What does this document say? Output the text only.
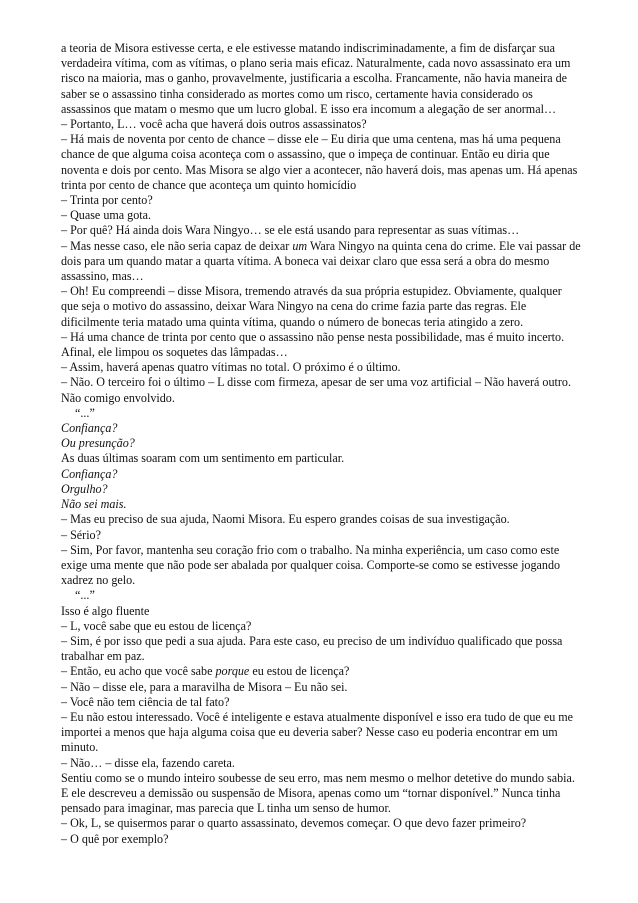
a teoria de Misora estivesse certa, e ele estivesse matando indiscriminadamente, a fim de disfarçar sua verdadeira vítima, com as vítimas, o plano seria mais eficaz. Naturalmente, cada novo assassinato era um risco na maioria, mas o ganho, provavelmente, justificaria a escolha. Francamente, não havia maneira de saber se o assassino tinha considerado as mortes como um risco, certamente havia considerado os assassinos que matam o mesmo que um lucro global. E isso era incomum a alegação de ser anormal…

– Portanto, L… você acha que haverá dois outros assassinatos?

– Há mais de noventa por cento de chance – disse ele – Eu diria que uma centena, mas há uma pequena chance de que alguma coisa aconteça com o assassino, que o impeça de continuar. Então eu diria que noventa e dois por cento. Mas Misora se algo vier a acontecer, não haverá dois, mas apenas um. Há apenas trinta por cento de chance que aconteça um quinto homicídio

– Trinta por cento?

– Quase uma gota.

– Por quê? Há ainda dois Wara Ningyo… se ele está usando para representar as suas vítimas…

– Mas nesse caso, ele não seria capaz de deixar um Wara Ningyo na quinta cena do crime. Ele vai passar de dois para um quando matar a quarta vítima. A boneca vai deixar claro que essa será a obra do mesmo assassino, mas…

– Oh! Eu compreendi – disse Misora, tremendo através da sua própria estupidez. Obviamente, qualquer que seja o motivo do assassino, deixar Wara Ningyo na cena do crime fazia parte das regras. Ele dificilmente teria matado uma quinta vítima, quando o número de bonecas teria atingido a zero.

– Há uma chance de trinta por cento que o assassino não pense nesta possibilidade, mas é muito incerto. Afinal, ele limpou os soquetes das lâmpadas…

– Assim, haverá apenas quatro vítimas no total. O próximo é o último.

– Não. O terceiro foi o último – L disse com firmeza, apesar de ser uma voz artificial – Não haverá outro. Não comigo envolvido.

“...”

Confiança?

Ou presunção?

As duas últimas soaram com um sentimento em particular.

Confiança?

Orgulho?

Não sei mais.

– Mas eu preciso de sua ajuda, Naomi Misora. Eu espero grandes coisas de sua investigação.

– Sério?

– Sim, Por favor, mantenha seu coração frio com o trabalho. Na minha experiência, um caso como este exige uma mente que não pode ser abalada por qualquer coisa. Comporte-se como se estivesse jogando xadrez no gelo.

“...”

Isso é algo fluente

– L, você sabe que eu estou de licença?

– Sim, é por isso que pedi a sua ajuda. Para este caso, eu preciso de um indivíduo qualificado que possa trabalhar em paz.

– Então, eu acho que você sabe porque eu estou de licença?

– Não – disse ele, para a maravilha de Misora – Eu não sei.

– Você não tem ciência de tal fato?

– Eu não estou interessado. Você é inteligente e estava atualmente disponível e isso era tudo de que eu me importei a menos que haja alguma coisa que eu deveria saber? Nesse caso eu poderia encontrar em um minuto.

– Não… – disse ela, fazendo careta.

Sentiu como se o mundo inteiro soubesse de seu erro, mas nem mesmo o melhor detetive do mundo sabia. E ele descreveu a demissão ou suspensão de Misora, apenas como um “tornar disponível.” Nunca tinha pensado para imaginar, mas parecia que L tinha um senso de humor.

– Ok, L, se quisermos parar o quarto assassinato, devemos começar. O que devo fazer primeiro?

– O quê por exemplo?
